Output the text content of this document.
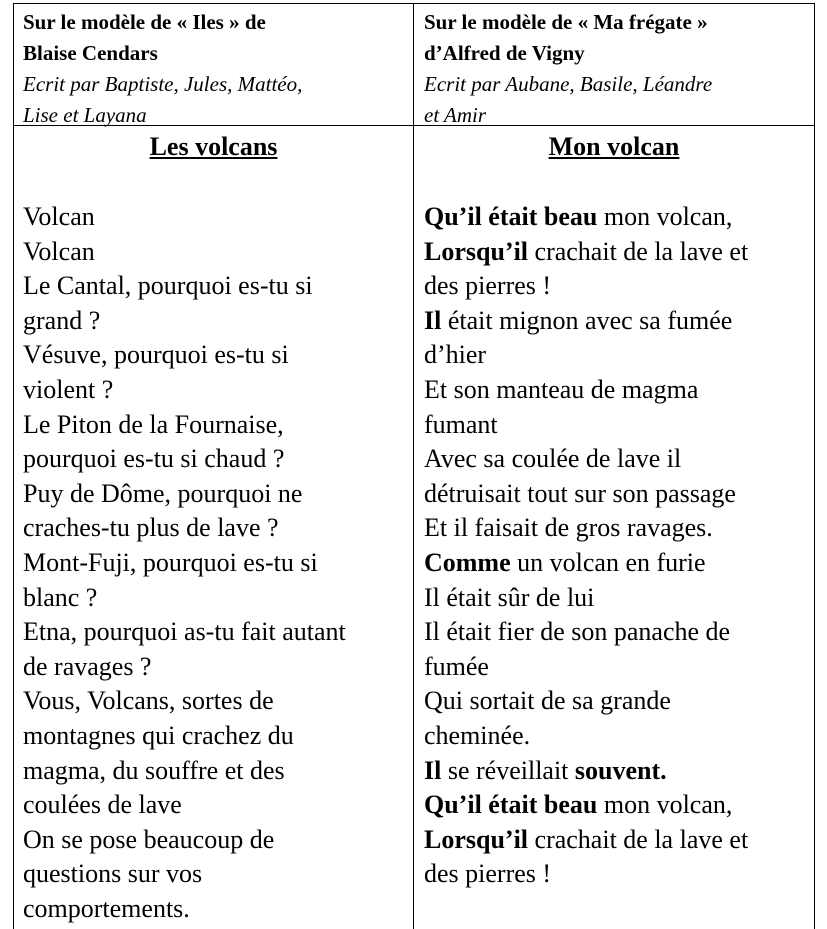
Sur le modèle de « Iles » de
Blaise Cendars
Ecrit par Baptiste, Jules, Mattéo,
Lise et Layana
Sur le modèle de « Ma frégate »
d’Alfred de Vigny
Ecrit par Aubane, Basile, Léandre
et Amir
Les volcans	Mon volcan
Volcan
Volcan
Le Cantal, pourquoi es-tu si
grand ?
Vésuve, pourquoi es-tu si
violent ?
Le Piton de la Fournaise,
pourquoi es-tu si chaud ?
Puy de Dôme, pourquoi ne
craches-tu plus de lave ?
Mont-Fuji, pourquoi es-tu si
blanc ?
Etna, pourquoi as-tu fait autant
de ravages ?
Vous, Volcans, sortes de
montagnes qui crachez du
magma, du souffre et des
coulées de lave
On se pose beaucoup de
questions sur vos
comportements.
Qu’il était beau mon volcan,
Lorsqu’il crachait de la lave et
des pierres !
Il était mignon avec sa fumée
d’hier
Et son manteau de magma
fumant
Avec sa coulée de lave il
détruisait tout sur son passage
Et il faisait de gros ravages.
Comme un volcan en furie
Il était sûr de lui
Il était fier de son panache de
fumée
Qui sortait de sa grande
cheminée.
Il se réveillait souvent.
Qu’il était beau mon volcan,
Lorsqu’il crachait de la lave et
des pierres !
